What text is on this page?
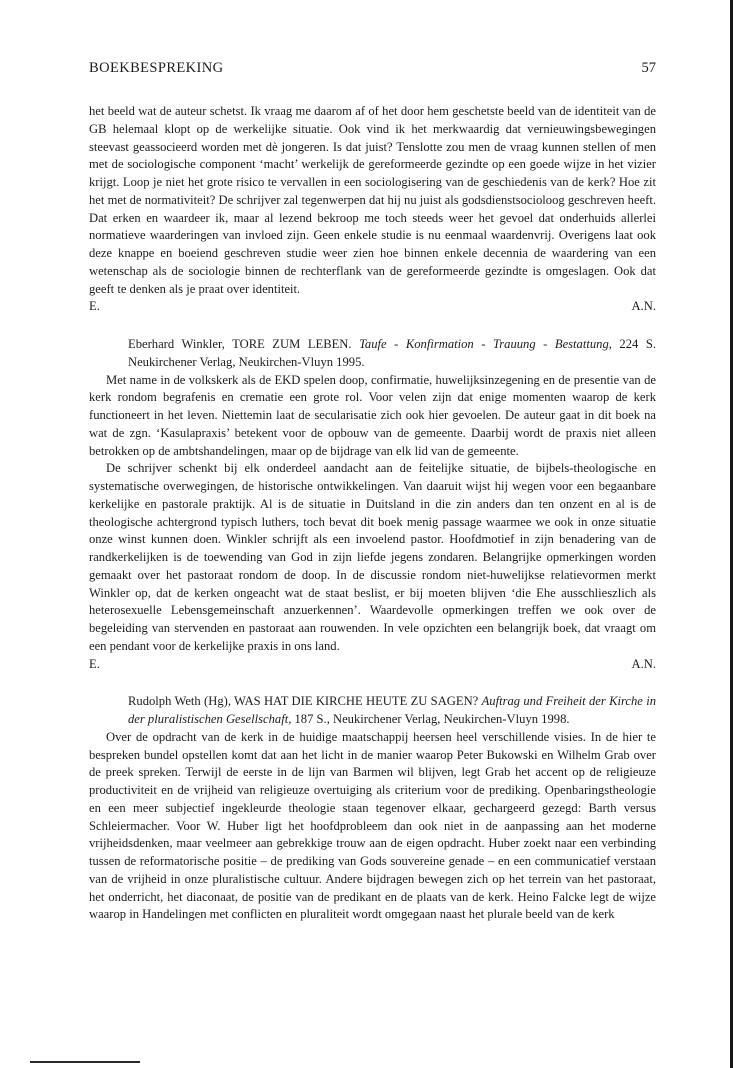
BOEKBESPREKING	57

het beeld wat de auteur schetst. Ik vraag me daarom af of het door hem geschetste beeld van de identiteit van de GB helemaal klopt op de werkelijke situatie. Ook vind ik het merkwaardig dat vernieuwingsbewegingen steevast geassocieerd worden met dè jongeren. Is dat juist? Tenslotte zou men de vraag kunnen stellen of men met de sociologische component ‘macht’ werkelijk de gereformeerde gezindte op een goede wijze in het vizier krijgt. Loop je niet het grote risico te vervallen in een sociologisering van de geschiedenis van de kerk? Hoe zit het met de normativiteit? De schrijver zal tegenwerpen dat hij nu juist als godsdienstsocioloog geschreven heeft. Dat erken en waardeer ik, maar al lezend bekroop me toch steeds weer het gevoel dat onderhuids allerlei normatieve waarderingen van invloed zijn. Geen enkele studie is nu eenmaal waardenvrij. Overigens laat ook deze knappe en boeiend geschreven studie weer zien hoe binnen enkele decennia de waardering van een wetenschap als de sociologie binnen de rechterflank van de gereformeerde gezindte is omgeslagen. Ook dat geeft te denken als je praat over identiteit.

E.	A.N.
Eberhard Winkler, TORE ZUM LEBEN. Taufe - Konfirmation - Trauung - Bestattung, 224 S. Neukirchener Verlag, Neukirchen-Vluyn 1995.

Met name in de volkskerk als de EKD spelen doop, confirmatie, huwelijksinzegening en de presentie van de kerk rondom begrafenis en crematie een grote rol. Voor velen zijn dat enige momenten waarop de kerk functioneert in het leven. Niettemin laat de secularisatie zich ook hier gevoelen. De auteur gaat in dit boek na wat de zgn. ‘Kasulapraxis’ betekent voor de opbouw van de gemeente. Daarbij wordt de praxis niet alleen betrokken op de ambtshandelingen, maar op de bijdrage van elk lid van de gemeente.

De schrijver schenkt bij elk onderdeel aandacht aan de feitelijke situatie, de bijbels-theologische en systematische overwegingen, de historische ontwikkelingen. Van daaruit wijst hij wegen voor een begaanbare kerkelijke en pastorale praktijk. Al is de situatie in Duitsland in die zin anders dan ten onzent en al is de theologische achtergrond typisch luthers, toch bevat dit boek menig passage waarmee we ook in onze situatie onze winst kunnen doen. Winkler schrijft als een invoelend pastor. Hoofdmotief in zijn benadering van de randkerkelijken is de toewending van God in zijn liefde jegens zondaren. Belangrijke opmerkingen worden gemaakt over het pastoraat rondom de doop. In de discussie rondom niet-huwelijkse relatievormen merkt Winkler op, dat de kerken ongeacht wat de staat beslist, er bij moeten blijven ‘die Ehe ausschlieszlich als heterosexuelle Lebensgemeinschaft anzuerkennen’. Waardevolle opmerkingen treffen we ook over de begeleiding van stervenden en pastoraat aan rouwenden. In vele opzichten een belangrijk boek, dat vraagt om een pendant voor de kerkelijke praxis in ons land.

E.	A.N.
Rudolph Weth (Hg), WAS HAT DIE KIRCHE HEUTE ZU SAGEN? Auftrag und Freiheit der Kirche in der pluralistischen Gesellschaft, 187 S., Neukirchener Verlag, Neukirchen-Vluyn 1998.

Over de opdracht van de kerk in de huidige maatschappij heersen heel verschillende visies. In de hier te bespreken bundel opstellen komt dat aan het licht in de manier waarop Peter Bukowski en Wilhelm Grab over de preek spreken. Terwijl de eerste in de lijn van Barmen wil blijven, legt Grab het accent op de religieuze productiviteit en de vrijheid van religieuze overtuiging als criterium voor de prediking. Openbaringstheologie en een meer subjectief ingekleurde theologie staan tegenover elkaar, gechargeerd gezegd: Barth versus Schleiermacher. Voor W. Huber ligt het hoofdprobleem dan ook niet in de aanpassing aan het moderne vrijheidsdenken, maar veelmeer aan gebrekkige trouw aan de eigen opdracht. Huber zoekt naar een verbinding tussen de reformatorische positie – de prediking van Gods souvereine genade – en een communicatief verstaan van de vrijheid in onze pluralistische cultuur. Andere bijdragen bewegen zich op het terrein van het pastoraat, het onderricht, het diaconaat, de positie van de predikant en de plaats van de kerk. Heino Falcke legt de wijze waarop in Handelingen met conflicten en pluraliteit wordt omgegaan naast het plurale beeld van de kerk
